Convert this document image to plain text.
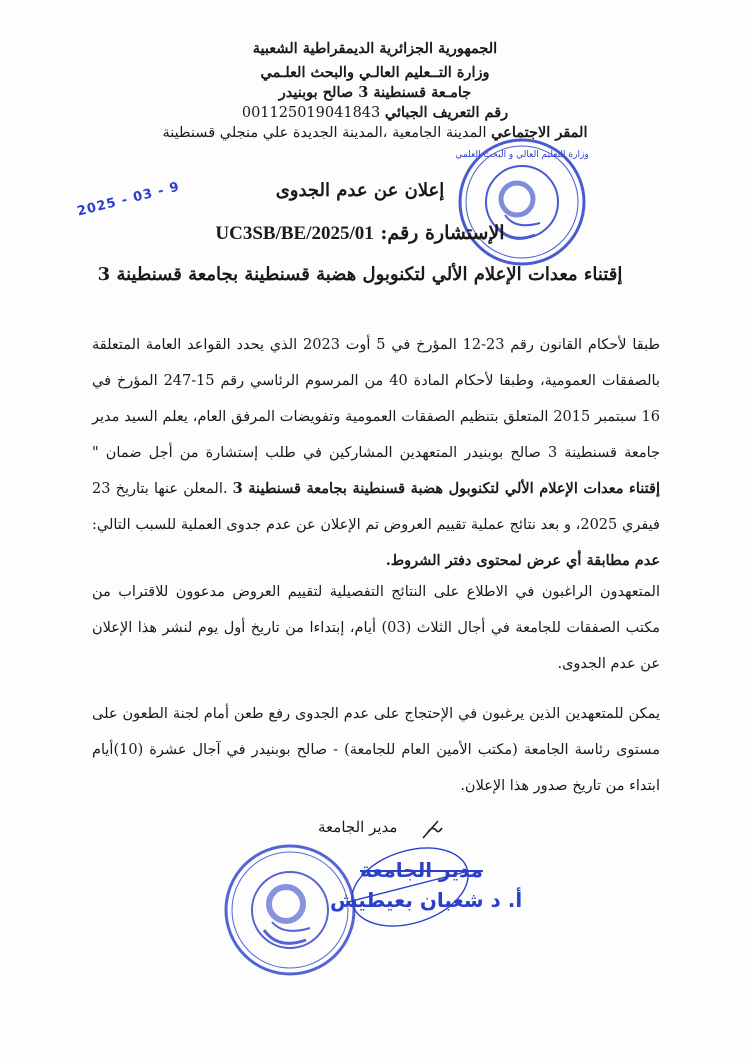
الجمهورية الجزائرية الديمقراطية الشعبية
وزارة التــعليم العالـي والبحث العلـمي
جامـعة قسنطينة 3 صالح بوبنيدر
رقم التعريف الجبائي 001125019041843
المقر الاجتماعي المدينة الجامعية ،المدينة الجديدة علي منجلي قسنطينة
وزارة التعليم العالي و البحث العلمي
2025 - 03 - 9	إعلان عن عدم الجدوى
الإستشارة رقم: 01/UC3SB/BE/2025
إقتناء معدات الإعلام الألي لتكنوبول هضبة قسنطينة بجامعة قسنطينة 3
طبقا لأحكام القانون رقم 23-12 المؤرخ في 5 أوت 2023 الذي يحدد القواعد العامة المتعلقة بالصفقات العمومية، وطبقا لأحكام المادة 40 من المرسوم الرئاسي رقم 15-247 المؤرخ في 16 سبتمبر 2015 المتعلق بتنظيم الصفقات العمومية وتفويضات المرفق العام، يعلم السيد مدير جامعة قسنطينة 3 صالح بوبنيدر المتعهدين المشاركين في طلب إستشارة من أجل ضمان " إقتناء معدات الإعلام الألي لتكنوبول هضبة قسنطينة بجامعة قسنطينة 3 .المعلن عنها بتاريخ 23 فيفري 2025، و بعد نتائج عملية تقييم العروض تم الإعلان عن عدم جدوى العملية للسبب التالي: عدم مطابقة أي عرض لمحتوى دفتر الشروط.
المتعهدون الراغبون في الاطلاع على النتائج التفصيلية لتقييم العروض مدعوون للاقتراب من مكتب الصفقات للجامعة في أجال الثلاث (03) أيام، إبتداءا من تاريخ أول يوم لنشر هذا الإعلان عن عدم الجدوى.
يمكن للمتعهدين الذين يرغبون في الإحتجاج على عدم الجدوى رفع طعن أمام لجنة الطعون على مستوى رئاسة الجامعة (مكتب الأمين العام للجامعة) - صالح بوبنيدر في آجال عشرة (10)أيام ابتداء من تاريخ صدور هذا الإعلان.
مدير الجامعة
مدير الجامعة
أ. د شعبان بعيطيش
